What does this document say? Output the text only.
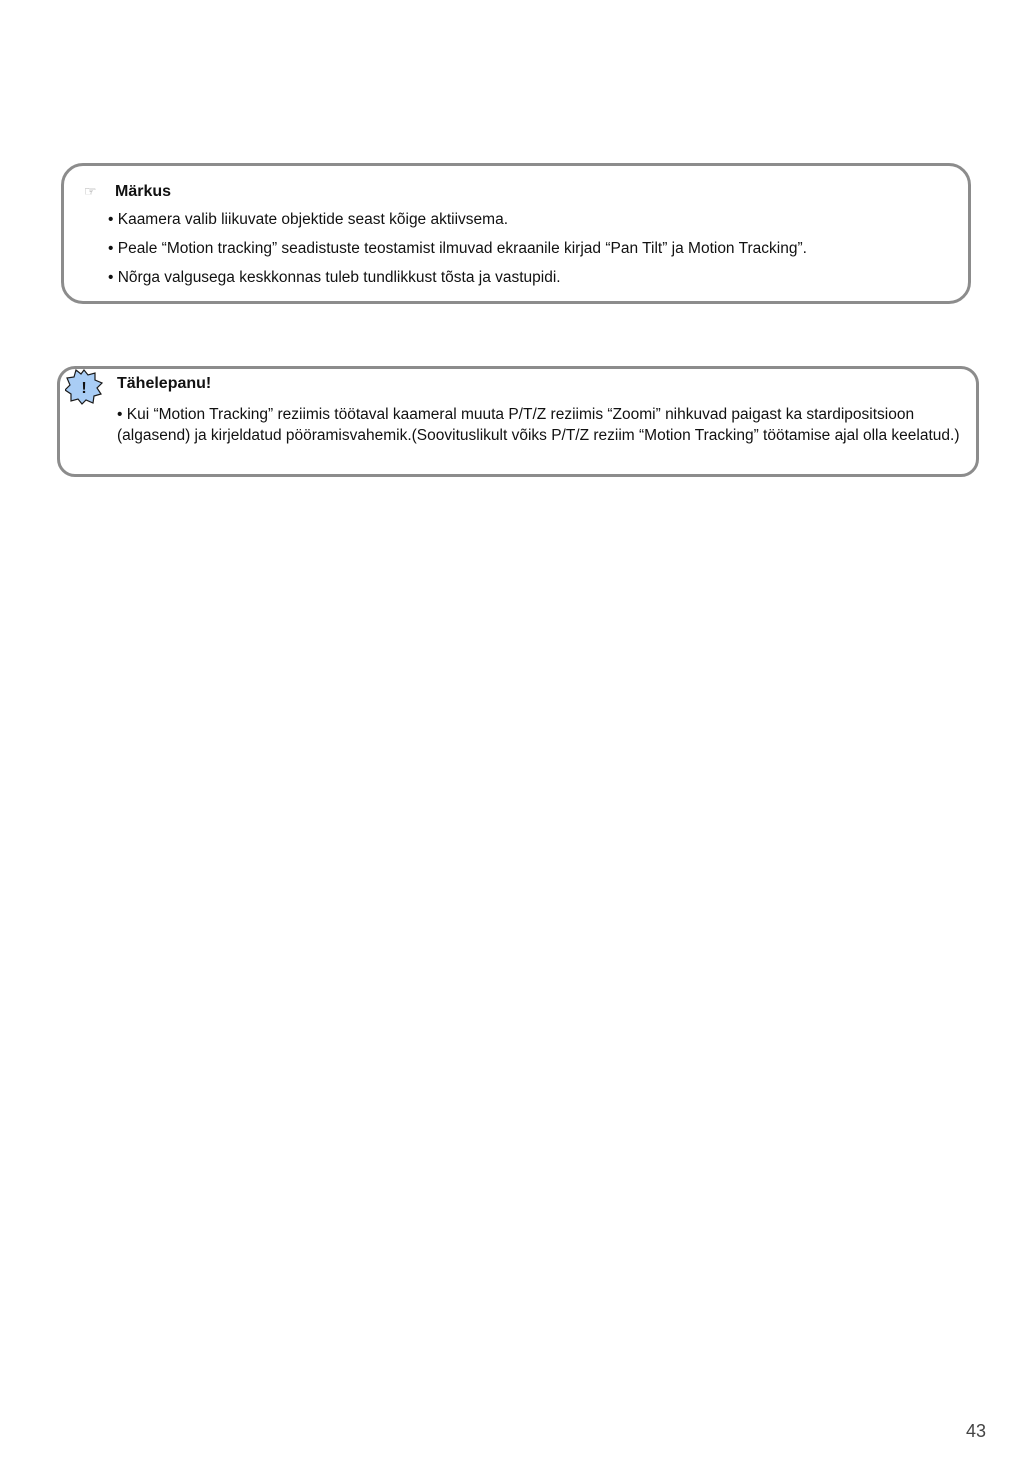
☞ Märkus
• Kaamera valib liikuvate objektide seast kõige aktiivsema.
• Peale “Motion tracking” seadistuste teostamist ilmuvad ekraanile kirjad “Pan Tilt” ja Motion Tracking”.
• Nõrga valgusega keskkonnas tuleb tundlikkust tõsta ja vastupidi.
! Tähelepanu!

• Kui “Motion Tracking” reziimis töötaval kaameral muuta P/T/Z reziimis “Zoomi” nihkuvad paigast ka stardipositsioon (algasend) ja kirjeldatud pööramisvahemik.(Soovituslikult võiks P/T/Z reziim “Motion Tracking” töötamise ajal olla keelatud.)

43
